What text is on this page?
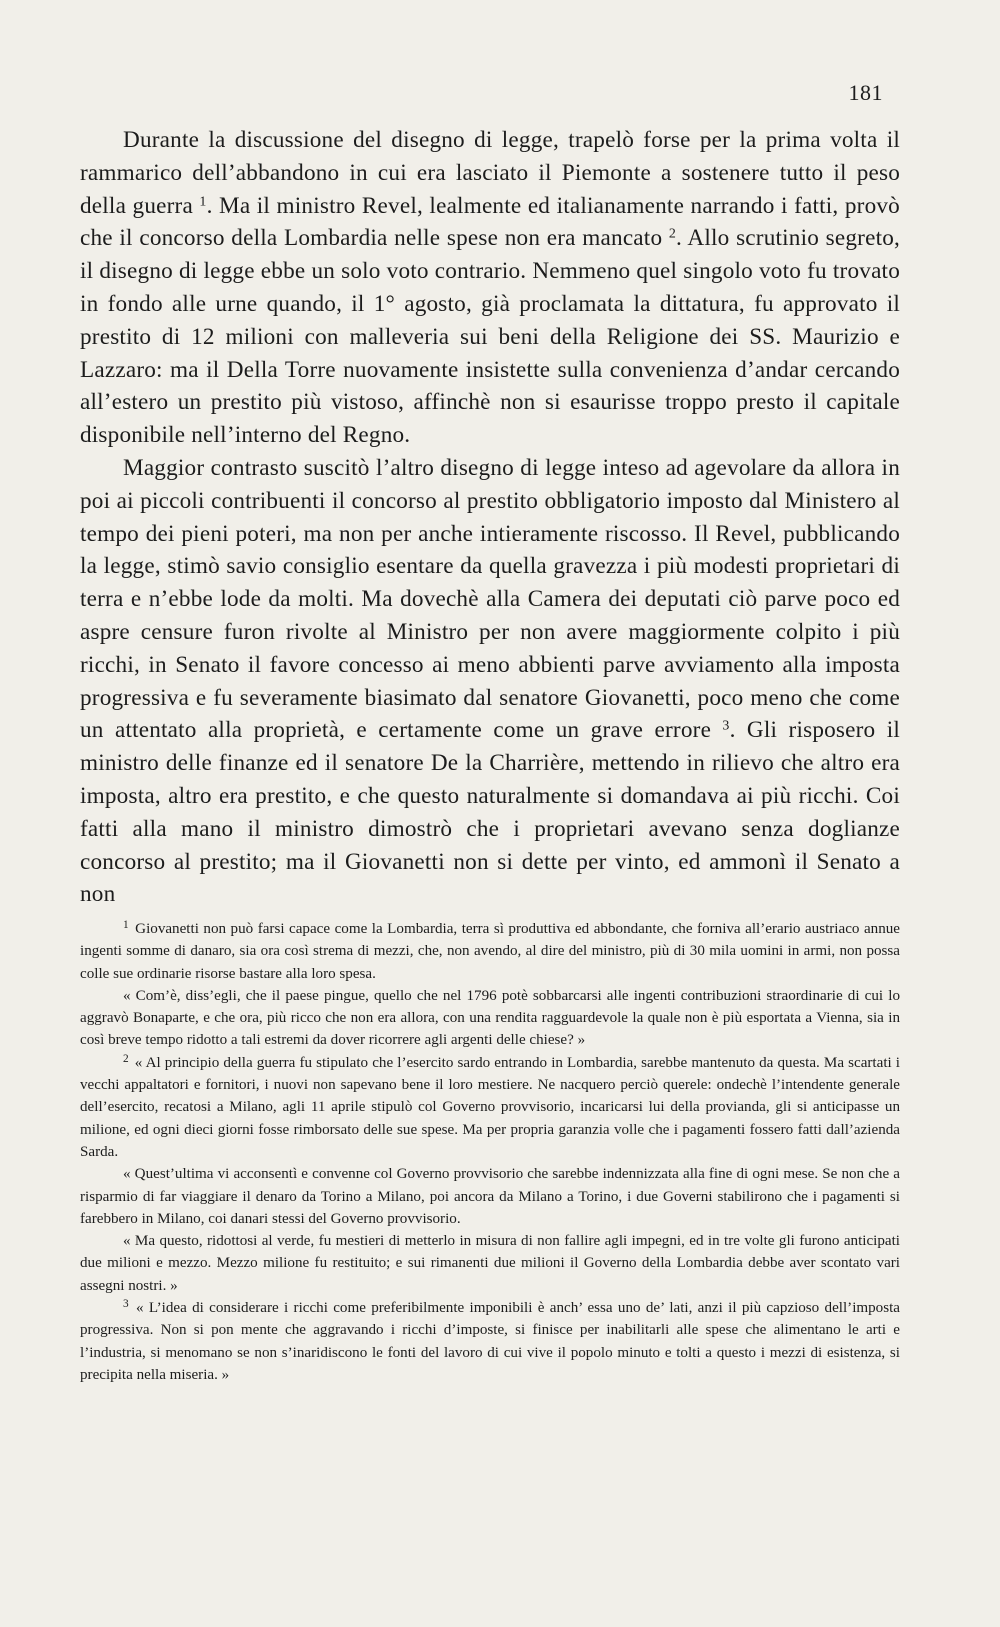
181

Durante la discussione del disegno di legge, trapelò forse per la prima volta il rammarico dell’abbandono in cui era lasciato il Piemonte a sostenere tutto il peso della guerra $^1$. Ma il ministro Revel, lealmente ed italianamente narrando i fatti, provò che il concorso della Lombardia nelle spese non era mancato $^2$. Allo scrutinio segreto, il disegno di legge ebbe un solo voto contrario. Nemmeno quel singolo voto fu trovato in fondo alle urne quando, il 1° agosto, già proclamata la dittatura, fu approvato il prestito di 12 milioni con malleveria sui beni della Religione dei SS. Maurizio e Lazzaro: ma il Della Torre nuovamente insistette sulla convenienza d’andar cercando all’estero un prestito più vistoso, affinchè non si esaurisse troppo presto il capitale disponibile nell’interno del Regno.

Maggior contrasto suscitò l’altro disegno di legge inteso ad agevolare da allora in poi ai piccoli contribuenti il concorso al prestito obbligatorio imposto dal Ministero al tempo dei pieni poteri, ma non per anche intieramente riscosso. Il Revel, pubblicando la legge, stimò savio consiglio esentare da quella gravezza i più modesti proprietari di terra e n’ebbe lode da molti. Ma dovechè alla Camera dei deputati ciò parve poco ed aspre censure furon rivolte al Ministro per non avere maggiormente colpito i più ricchi, in Senato il favore concesso ai meno abbienti parve avviamento alla imposta progressiva e fu severamente biasimato dal senatore Giovanetti, poco meno che come un attentato alla proprietà, e certamente come un grave errore $^3$. Gli risposero il ministro delle finanze ed il senatore De la Charrière, mettendo in rilievo che altro era imposta, altro era prestito, e che questo naturalmente si domandava ai più ricchi. Coi fatti alla mano il ministro dimostrò che i proprietari avevano senza doglianze concorso al prestito; ma il Giovanetti non si dette per vinto, ed ammonì il Senato a non

$^1$ Giovanetti non può farsi capace come la Lombardia, terra sì produttiva ed abbondante, che forniva all’erario austriaco annue ingenti somme di danaro, sia ora così strema di mezzi, che, non avendo, al dire del ministro, più di 30 mila uomini in armi, non possa colle sue ordinarie risorse bastare alla loro spesa.

« Com’è, diss’egli, che il paese pingue, quello che nel 1796 potè sobbarcarsi alle ingenti contribuzioni straordinarie di cui lo aggravò Bonaparte, e che ora, più ricco che non era allora, con una rendita ragguardevole la quale non è più esportata a Vienna, sia in così breve tempo ridotto a tali estremi da dover ricorrere agli argenti delle chiese? »

$^2$ « Al principio della guerra fu stipulato che l’esercito sardo entrando in Lombardia, sarebbe mantenuto da questa. Ma scartati i vecchi appaltatori e fornitori, i nuovi non sapevano bene il loro mestiere. Ne nacquero perciò querele: ondechè l’intendente generale dell’esercito, recatosi a Milano, agli 11 aprile stipulò col Governo provvisorio, incaricarsi lui della provianda, gli si anticipasse un milione, ed ogni dieci giorni fosse rimborsato delle sue spese. Ma per propria garanzia volle che i pagamenti fossero fatti dall’azienda Sarda.

« Quest’ultima vi acconsentì e convenne col Governo provvisorio che sarebbe indennizzata alla fine di ogni mese. Se non che a risparmio di far viaggiare il denaro da Torino a Milano, poi ancora da Milano a Torino, i due Governi stabilirono che i pagamenti si farebbero in Milano, coi danari stessi del Governo provvisorio.

« Ma questo, ridottosi al verde, fu mestieri di metterlo in misura di non fallire agli impegni, ed in tre volte gli furono anticipati due milioni e mezzo. Mezzo milione fu restituito; e sui rimanenti due milioni il Governo della Lombardia debbe aver scontato vari assegni nostri. »

$^3$ « L’idea di considerare i ricchi come preferibilmente imponibili è anch’ essa uno de’ lati, anzi il più capzioso dell’imposta progressiva. Non si pon mente che aggravando i ricchi d’imposte, si finisce per inabilitarli alle spese che alimentano le arti e l’industria, si menomano se non s’inaridiscono le fonti del lavoro di cui vive il popolo minuto e tolti a questo i mezzi di esistenza, si precipita nella miseria. »
